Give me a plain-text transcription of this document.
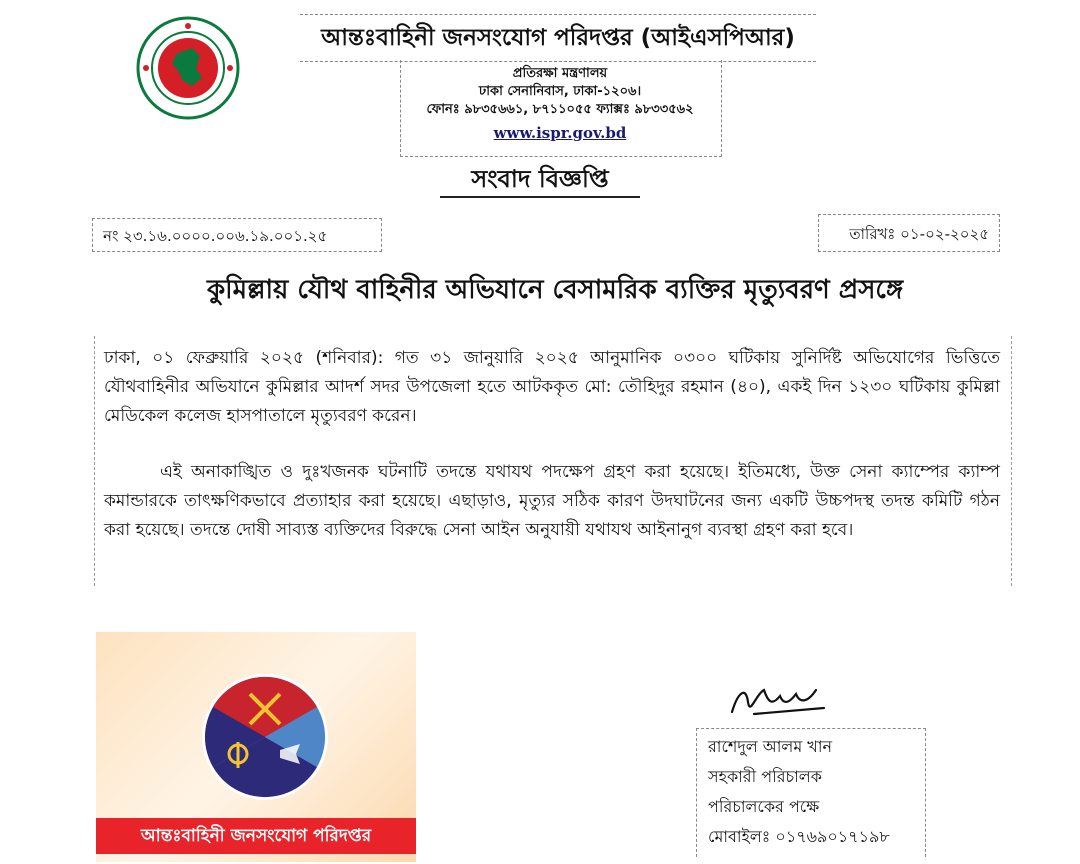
আন্তঃবাহিনী জনসংযোগ পরিদপ্তর (আইএসপিআর)
প্রতিরক্ষা মন্ত্রণালয়
ঢাকা সেনানিবাস, ঢাকা-১২০৬।
ফোনঃ ৯৮৩৫৬৬১, ৮৭১১০৫৫ ফ্যাক্সঃ ৯৮৩৩৫৬২
www.ispr.gov.bd
সংবাদ বিজ্ঞপ্তি
নং ২৩.১৬.০০০০.০০৬.১৯.০০১.২৫	তারিখঃ ০১-০২-২০২৫
কুমিল্লায় যৌথ বাহিনীর অভিযানে বেসামরিক ব্যক্তির মৃত্যুবরণ প্রসঙ্গে
ঢাকা, ০১ ফেব্রুয়ারি ২০২৫ (শনিবার): গত ৩১ জানুয়ারি ২০২৫ আনুমানিক ০৩০০ ঘটিকায় সুনির্দিষ্ট অভিযোগের ভিত্তিতে যৌথবাহিনীর অভিযানে কুমিল্লার আদর্শ সদর উপজেলা হতে আটককৃত মো: তৌহিদুর রহমান (৪০), একই দিন ১২৩০ ঘটিকায় কুমিল্লা মেডিকেল কলেজ হাসপাতালে মৃত্যুবরণ করেন।
এই অনাকাঙ্খিত ও দুঃখজনক ঘটনাটি তদন্তে যথাযথ পদক্ষেপ গ্রহণ করা হয়েছে। ইতিমধ্যে, উক্ত সেনা ক্যাম্পের ক্যাম্প কমান্ডারকে তাৎক্ষণিকভাবে প্রত্যাহার করা হয়েছে। এছাড়াও, মৃত্যুর সঠিক কারণ উদঘাটনের জন্য একটি উচ্চপদস্থ তদন্ত কমিটি গঠন করা হয়েছে। তদন্তে দোষী সাব্যস্ত ব্যক্তিদের বিরুদ্ধে সেনা আইন অনুযায়ী যথাযথ আইনানুগ ব্যবস্থা গ্রহণ করা হবে।
আন্তঃবাহিনী জনসংযোগ পরিদপ্তর
রাশেদুল আলম খান
সহকারী পরিচালক
পরিচালকের পক্ষে
মোবাইলঃ ০১৭৬৯০১৭১৯৮
